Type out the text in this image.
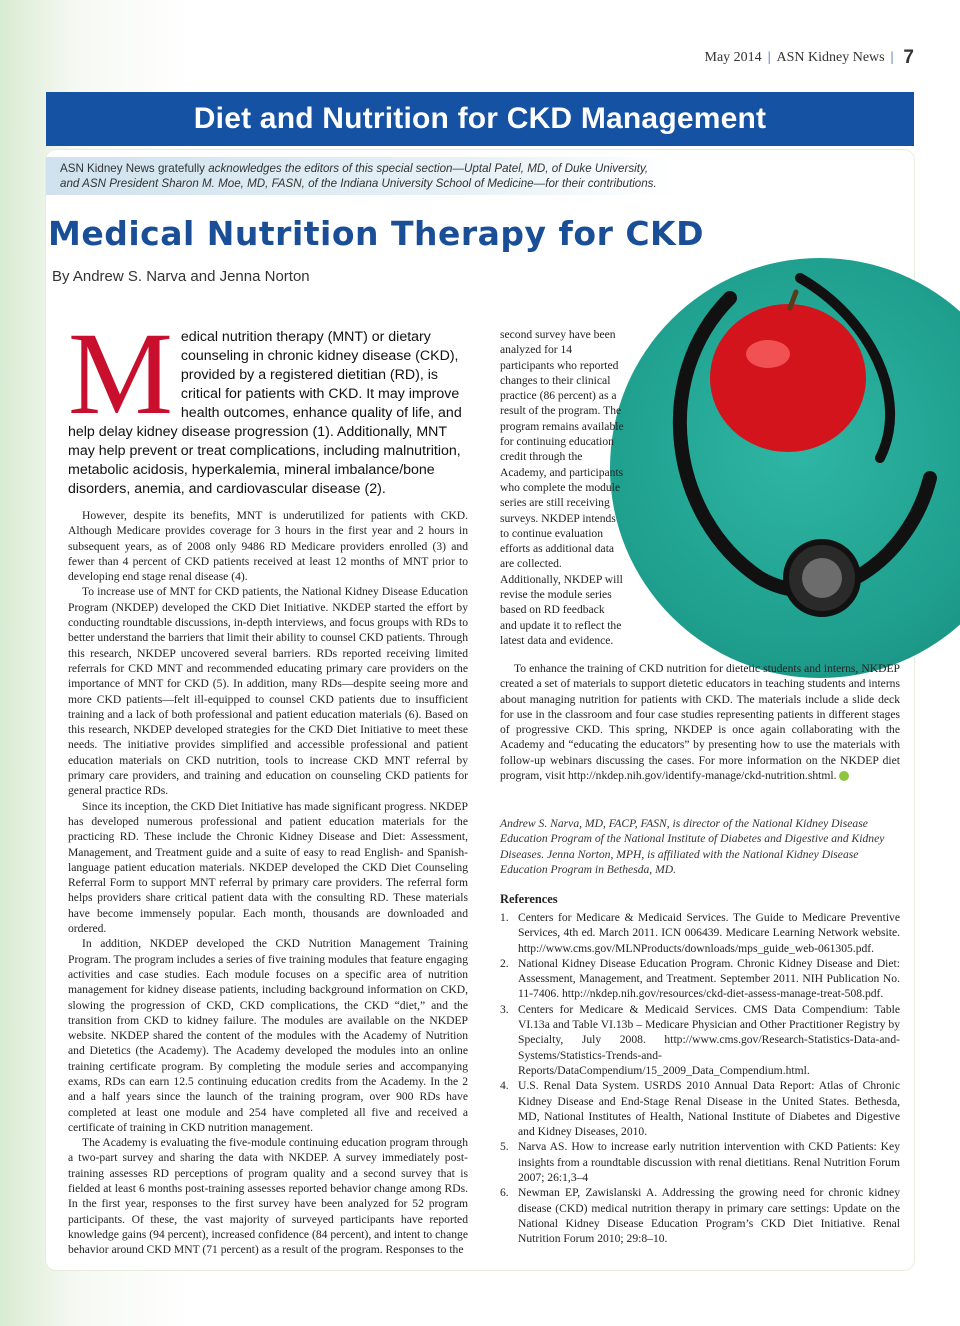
May 2014 | ASN Kidney News | 7
Diet and Nutrition for CKD Management
ASN Kidney News gratefully acknowledges the editors of this special section—Uptal Patel, MD, of Duke University, and ASN President Sharon M. Moe, MD, FASN, of the Indiana University School of Medicine—for their contributions.
Medical Nutrition Therapy for CKD
By Andrew S. Narva and Jenna Norton
Medical nutrition therapy (MNT) or dietary counseling in chronic kidney disease (CKD), provided by a registered dietitian (RD), is critical for patients with CKD. It may improve health outcomes, enhance quality of life, and help delay kidney disease progression (1). Additionally, MNT may help prevent or treat complications, including malnutrition, metabolic acidosis, hyperkalemia, mineral imbalance/bone disorders, anemia, and cardiovascular disease (2).

However, despite its benefits, MNT is underutilized for patients with CKD. Although Medicare provides coverage for 3 hours in the first year and 2 hours in subsequent years, as of 2008 only 9486 RD Medicare providers enrolled (3) and fewer than 4 percent of CKD patients received at least 12 months of MNT prior to developing end stage renal disease (4).

To increase use of MNT for CKD patients, the National Kidney Disease Education Program (NKDEP) developed the CKD Diet Initiative. NKDEP started the effort by conducting roundtable discussions, in-depth interviews, and focus groups with RDs to better understand the barriers that limit their ability to counsel CKD patients. Through this research, NKDEP uncovered several barriers. RDs reported receiving limited referrals for CKD MNT and recommended educating primary care providers on the importance of MNT for CKD (5). In addition, many RDs—despite seeing more and more CKD patients—felt ill-equipped to counsel CKD patients due to insufficient training and a lack of both professional and patient education materials (6). Based on this research, NKDEP developed strategies for the CKD Diet Initiative to meet these needs. The initiative provides simplified and accessible professional and patient education materials on CKD nutrition, tools to increase CKD MNT referral by primary care providers, and training and education on counseling CKD patients for general practice RDs.

Since its inception, the CKD Diet Initiative has made significant progress. NKDEP has developed numerous professional and patient education materials for the practicing RD. These include the Chronic Kidney Disease and Diet: Assessment, Management, and Treatment guide and a suite of easy to read English- and Spanish-language patient education materials. NKDEP developed the CKD Diet Counseling Referral Form to support MNT referral by primary care providers. The referral form helps providers share critical patient data with the consulting RD. These materials have become immensely popular. Each month, thousands are downloaded and ordered.

In addition, NKDEP developed the CKD Nutrition Management Training Program. The program includes a series of five training modules that feature engaging activities and case studies. Each module focuses on a specific area of nutrition management for kidney disease patients, including background information on CKD, slowing the progression of CKD, CKD complications, the CKD “diet,” and the transition from CKD to kidney failure. The modules are available on the NKDEP website. NKDEP shared the content of the modules with the Academy of Nutrition and Dietetics (the Academy). The Academy developed the modules into an online training certificate program. By completing the module series and accompanying exams, RDs can earn 12.5 continuing education credits from the Academy. In the 2 and a half years since the launch of the training program, over 900 RDs have completed at least one module and 254 have completed all five and received a certificate of training in CKD nutrition management.

The Academy is evaluating the five-module continuing education program through a two-part survey and sharing the data with NKDEP. A survey immediately post-training assesses RD perceptions of program quality and a second survey that is fielded at least 6 months post-training assesses reported behavior change among RDs. In the first year, responses to the first survey have been analyzed for 52 program participants. Of these, the vast majority of surveyed participants have reported knowledge gains (94 percent), increased confidence (84 percent), and intent to change behavior around CKD MNT (71 percent) as a result of the program. Responses to the

second survey have been analyzed for 14 participants who reported changes to their clinical practice (86 percent) as a result of the program. The program remains available for continuing education credit through the Academy, and participants who complete the module series are still receiving surveys. NKDEP intends to continue evaluation efforts as additional data are collected. Additionally, NKDEP will revise the module series based on RD feedback and update it to reflect the latest data and evidence.

To enhance the training of CKD nutrition for dietetic students and interns, NKDEP created a set of materials to support dietetic educators in teaching students and interns about managing nutrition for patients with CKD. The materials include a slide deck for use in the classroom and four case studies representing patients in different stages of progressive CKD. This spring, NKDEP is once again collaborating with the Academy and “educating the educators” by presenting how to use the materials with follow-up webinars discussing the cases. For more information on the NKDEP diet program, visit http://nkdep.nih.gov/identify-manage/ckd-nutrition.shtml.

Andrew S. Narva, MD, FACP, FASN, is director of the National Kidney Disease Education Program of the National Institute of Diabetes and Digestive and Kidney Diseases. Jenna Norton, MPH, is affiliated with the National Kidney Disease Education Program in Bethesda, MD.
References
1. Centers for Medicare & Medicaid Services. The Guide to Medicare Preventive Services, 4th ed. March 2011. ICN 006439. Medicare Learning Network website. http://www.cms.gov/MLNProducts/downloads/mps_guide_web-061305.pdf.
2. National Kidney Disease Education Program. Chronic Kidney Disease and Diet: Assessment, Management, and Treatment. September 2011. NIH Publication No. 11-7406. http://nkdep.nih.gov/resources/ckd-diet-assess-manage-treat-508.pdf.
3. Centers for Medicare & Medicaid Services. CMS Data Compendium: Table VI.13a and Table VI.13b – Medicare Physician and Other Practitioner Registry by Specialty, July 2008. http://www.cms.gov/Research-Statistics-Data-and-Systems/Statistics-Trends-and-Reports/DataCompendium/15_2009_Data_Compendium.html.
4. U.S. Renal Data System. USRDS 2010 Annual Data Report: Atlas of Chronic Kidney Disease and End-Stage Renal Disease in the United States. Bethesda, MD, National Institutes of Health, National Institute of Diabetes and Digestive and Kidney Diseases, 2010.
5. Narva AS. How to increase early nutrition intervention with CKD Patients: Key insights from a roundtable discussion with renal dietitians. Renal Nutrition Forum 2007; 26:1,3–4
6. Newman EP, Zawislanski A. Addressing the growing need for chronic kidney disease (CKD) medical nutrition therapy in primary care settings: Update on the National Kidney Disease Education Program’s CKD Diet Initiative. Renal Nutrition Forum 2010; 29:8–10.
